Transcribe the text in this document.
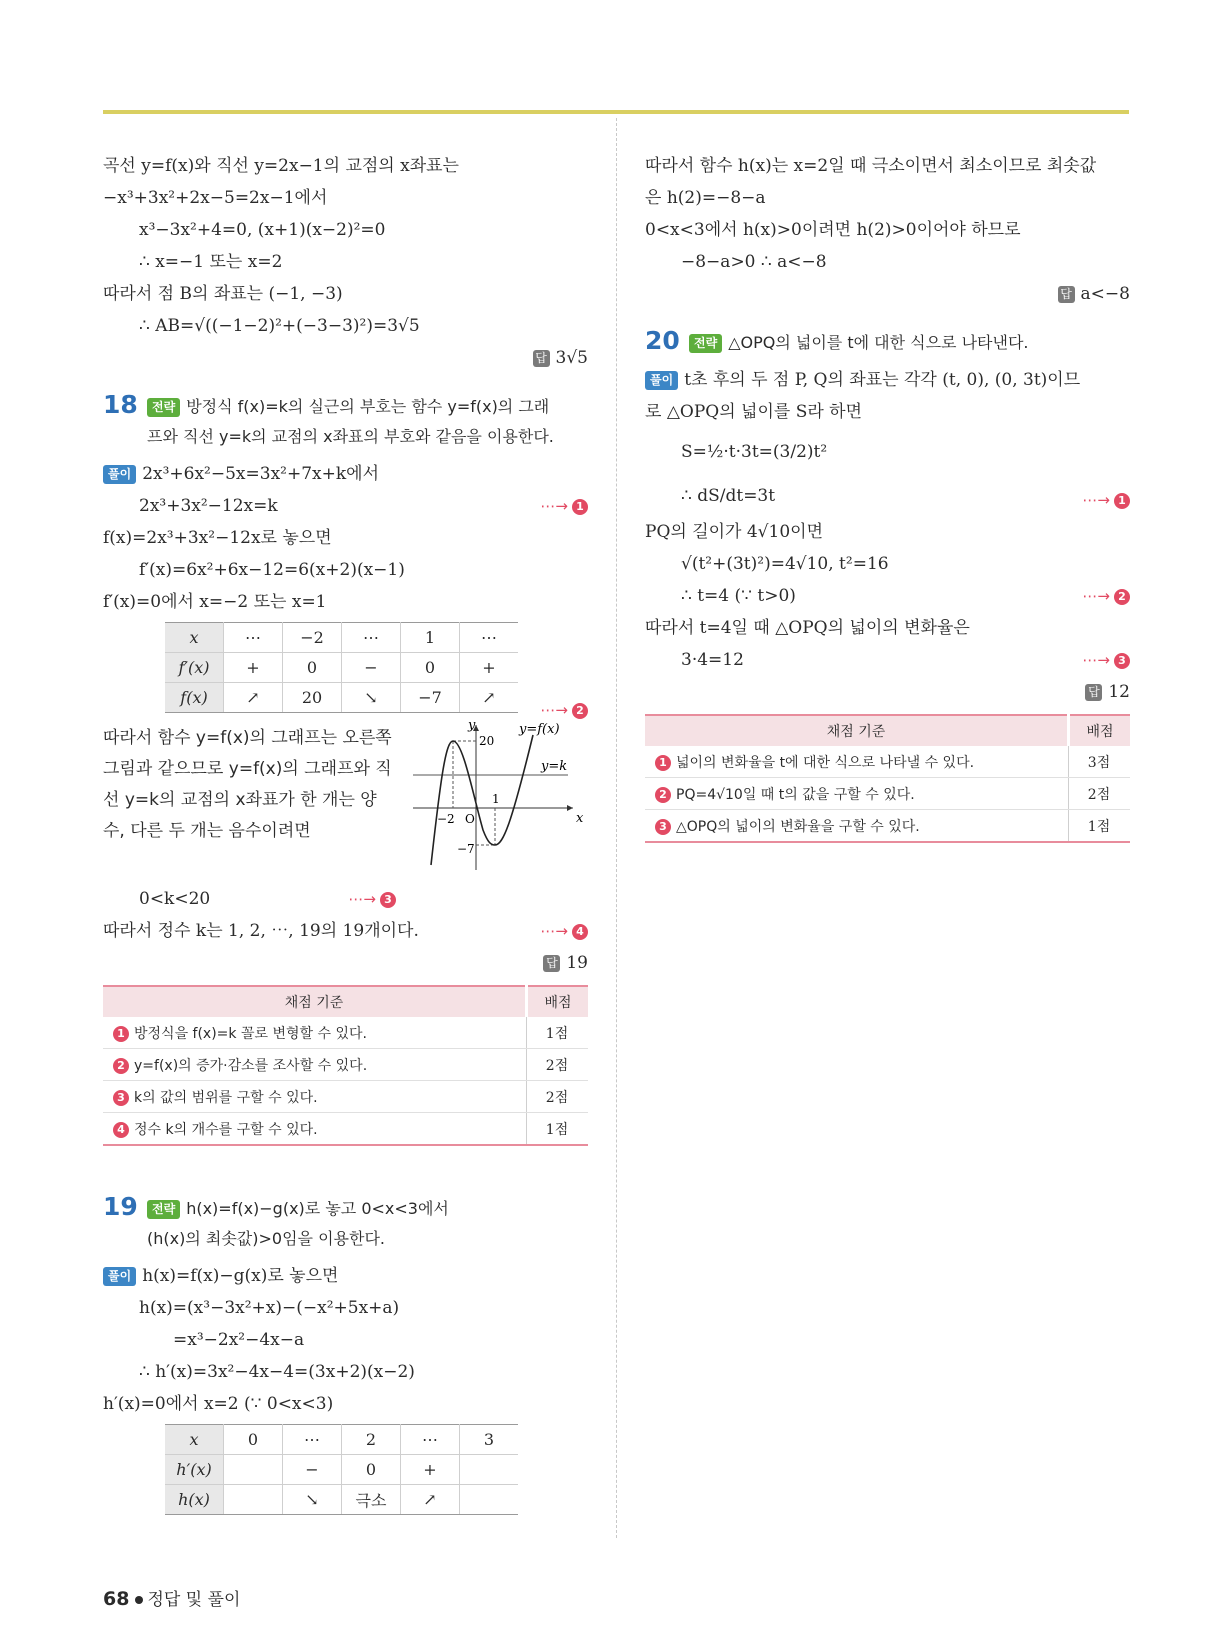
곡선 y=f(x)와 직선 y=2x−1의 교점의 x좌표는
−x³+3x²+2x−5=2x−1에서
x³−3x²+4=0, (x+1)(x−2)²=0
∴ x=−1 또는 x=2
따라서 점 B의 좌표는 (−1, −3)
∴ AB=√((−1−2)²+(−3−3)²)=3√5
답 3√5
18 전략 방정식 f(x)=k의 실근의 부호는 함수 y=f(x)의 그래
프와 직선 y=k의 교점의 x좌표의 부호와 같음을 이용한다.
풀이 2x³+6x²−5x=3x²+7x+k에서
2x³+3x²−12x=k	⋯→ 1
f(x)=2x³+3x²−12x로 놓으면
f′(x)=6x²+6x−12=6(x+2)(x−1)
f′(x)=0에서 x=−2 또는 x=1
x	⋯	−2	⋯	1	⋯
f′(x)	+	0	−	0	+
f(x)	↗	20	↘	−7	↗
⋯→ 2
따라서 함수 y=f(x)의 그래프는 오른쪽 그림과 같으므로 y=f(x)의 그래프와 직선 y=k의 교점의 x좌표가 한 개는 양수, 다른 두 개는 음수이려면
y
x
y=f(x)
y=k
20
−7
−2 O
1
0<k<20	⋯→ 3
따라서 정수 k는 1, 2, ⋯, 19의 19개이다.	⋯→ 4
답 19
채점 기준	배점
1 방정식을 f(x)=k 꼴로 변형할 수 있다.	1점
2 y=f(x)의 증가·감소를 조사할 수 있다.	2점
3 k의 값의 범위를 구할 수 있다.	2점
4 정수 k의 개수를 구할 수 있다.	1점
19 전략 h(x)=f(x)−g(x)로 놓고 0<x<3에서
(h(x)의 최솟값)>0임을 이용한다.
풀이 h(x)=f(x)−g(x)로 놓으면
h(x)=(x³−3x²+x)−(−x²+5x+a)
=x³−2x²−4x−a
∴ h′(x)=3x²−4x−4=(3x+2)(x−2)
h′(x)=0에서 x=2 (∵ 0<x<3)
x	0	⋯	2	⋯	3
h′(x)		−	0	+	
h(x)		↘	극소	↗	
따라서 함수 h(x)는 x=2일 때 극소이면서 최소이므로 최솟값
은 h(2)=−8−a
0<x<3에서 h(x)>0이려면 h(2)>0이어야 하므로
−8−a>0 ∴ a<−8
답 a<−8
20 전략 △OPQ의 넓이를 t에 대한 식으로 나타낸다.
풀이 t초 후의 두 점 P, Q의 좌표는 각각 (t, 0), (0, 3t)이므
로 △OPQ의 넓이를 S라 하면
S=½·t·3t=(3/2)t²
∴ dS/dt=3t	⋯→ 1
PQ의 길이가 4√10이면
√(t²+(3t)²)=4√10, t²=16
∴ t=4 (∵ t>0)	⋯→ 2
따라서 t=4일 때 △OPQ의 넓이의 변화율은
3·4=12	⋯→ 3
답 12
채점 기준	배점
1 넓이의 변화율을 t에 대한 식으로 나타낼 수 있다.	3점
2 PQ=4√10일 때 t의 값을 구할 수 있다.	2점
3 △OPQ의 넓이의 변화율을 구할 수 있다.	1점
68 정답 및 풀이
